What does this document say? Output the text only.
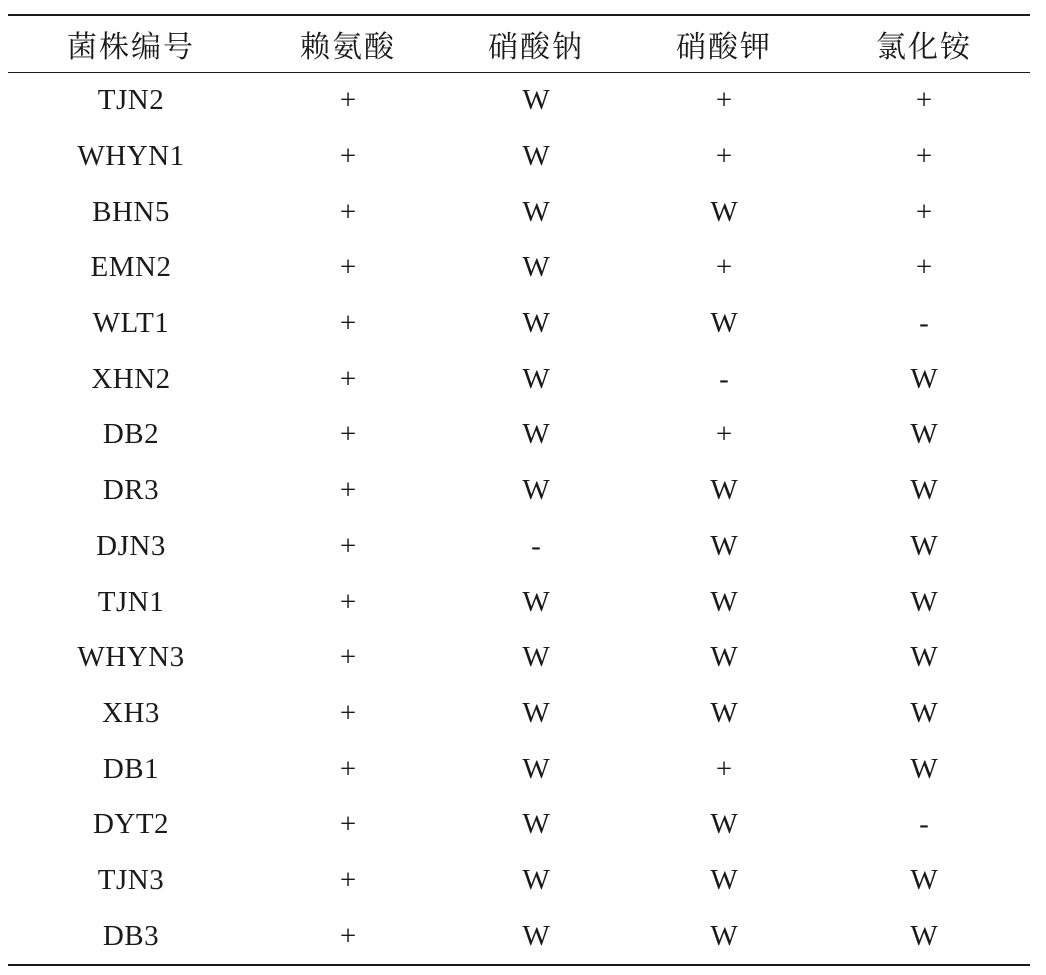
菌株编号	赖氨酸	硝酸钠	硝酸钾	氯化铵
TJN2	+	W	+	+
WHYN1	+	W	+	+
BHN5	+	W	W	+
EMN2	+	W	+	+
WLT1	+	W	W	-
XHN2	+	W	-	W
DB2	+	W	+	W
DR3	+	W	W	W
DJN3	+	-	W	W
TJN1	+	W	W	W
WHYN3	+	W	W	W
XH3	+	W	W	W
DB1	+	W	+	W
DYT2	+	W	W	-
TJN3	+	W	W	W
DB3	+	W	W	W
